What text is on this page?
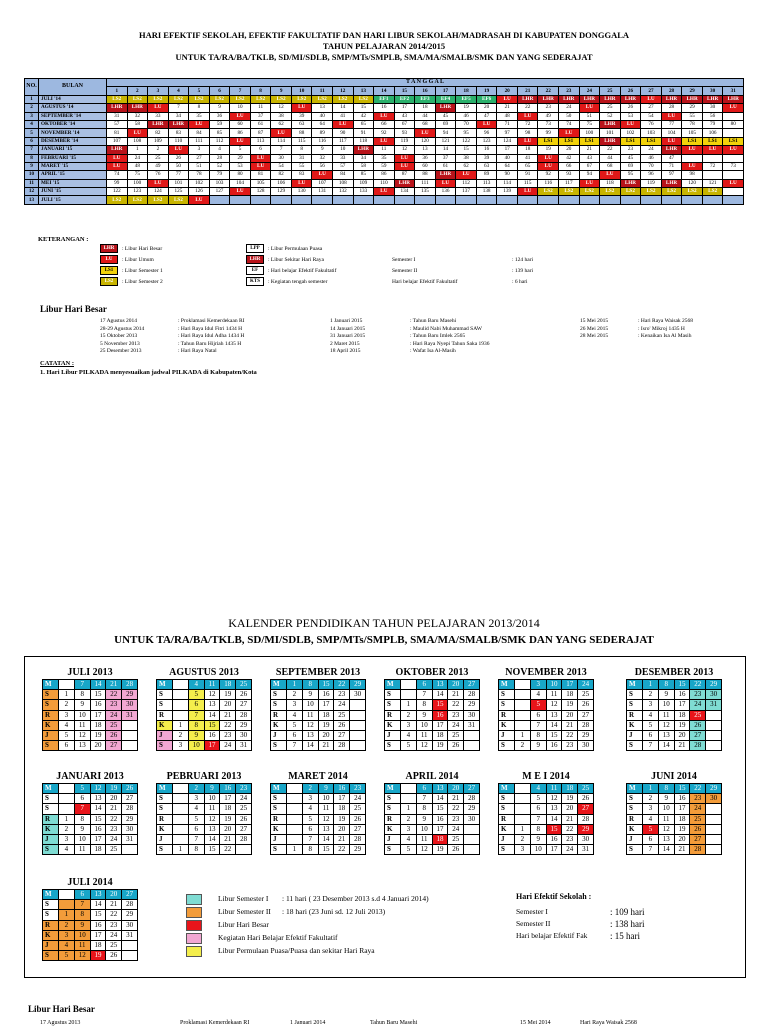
HARI EFEKTIF SEKOLAH, EFEKTIF FAKULTATIF DAN HARI LIBUR SEKOLAH/MADRASAH DI KABUPATEN DONGGALA
TAHUN PELAJARAN 2014/2015
UNTUK TA/RA/BA/TKLB, SD/MI/SDLB, SMP/MTs/SMPLB, SMA/MA/SMALB/SMK DAN YANG SEDERAJAT
NO.	BULAN	T A N G G A L																														
		1	2	3	4	5	6	7	8	9	10	11	12	13	14	15	16	17	18	19	20	21	22	23	24	25	26	27	28	29	30	31
1	JULI '14	LS2	LS2	LS2	LS2	LS2	LS2	LS2	LS2	LS2	LS2	LS2	LS2	LS2	EF1	EF2	EF3	EF4	EF5	EF6	LU	LHR	LHR	LHR	LHR	LHR	LHR	LU	LHR	LHR	LHR	LHR
2	AGUSTUS '14	LHR	LHR	LU	7	8	9	10	11	12	LU	13	14	15	16	17	18	LHR	19	20	21	22	23	24	LU	25	26	27	28	29	30	LU
3	SEPTEMBER '14	31	32	33	34	35	36	LU	37	38	39	40	41	42	LU	43	44	45	46	47	48	LU	49	50	51	52	53	54	LU	55	56	
4	OKTOBER '14	57	58	LHR	LHR	LU	59	60	61	62	63	64	LU	65	66	67	68	69	70	LU	71	72	73	74	75	LHR	LU	76	77	78	79	80
5	NOVEMBER '14	81	LU	82	83	84	85	86	87	LU	88	89	90	91	92	93	LU	94	95	96	97	98	99	LU	100	101	102	103	104	105	106	
6	DESEMBER '14	107	108	109	110	111	112	LU	113	114	115	116	117	118	LU	119	120	121	122	123	124	LU	LS1	LS1	LS1	LHR	LS1	LS1	LU	LS1	LS1	LS1
7	JANUARI '15	LHR	1	2	LU	3	4	5	6	7	8	9	10	LHR	11	12	13	14	15	16	17	18	19	20	21	22	23	24	LHR	LU	LU	LU
8	FEBRUARI '15	LU	24	25	26	27	28	29	LU	30	31	32	33	34	35	LU	36	37	38	39	40	41	LU	42	43	44	45	46	47			
9	MARET '15	LU	48	49	50	51	52	53	LU	54	55	56	57	58	59	LU	60	61	62	63	64	65	LU	66	67	68	69	70	71	LU	72	73
10	APRIL '15	74	75	76	77	78	79	80	81	82	83	LU	84	85	86	87	88	LHR	LU	89	90	91	92	93	94	LU	95	96	97	98		
11	MEI '15	99	100	LU	101	102	103	104	105	106	LU	107	108	109	110	LHR	111	LU	112	113	114	115	116	117	LU	118	LHR	119	LHR	120	121	LU
12	JUNI '15	122	123	124	125	126	127	LU	128	129	130	131	132	133	LU	134	135	136	137	138	139	LU	LS2	LS2	LS2	LS2	LS2	LS2	LS2	LS2	LS2	
13	JULI '15	LS2	LS2	LS2	LS2	LU																										
KETERANGAN :
LHR : Libur Hari Besar
LU : Libur Umum
LS1 : Libur Semester 1
LS2 : Libur Semester 2
LPP : Libur Permulaan Puasa
LHR : Libur Sekitar Hari Raya
EF : Hari belajar Efektif Fakultatif
KTS : Kegiatan tengah semester
Semester I	: 124 hari
Semester II	: 139 hari
Hari belajar Efektif Fakultatif	: 6 hari
Libur Hari Besar
17 Agustus 2014	: Proklamasi Kemerdekaan RI
28-29 Agustus 2014	: Hari Raya Idul Fitri 1434 H
15 Oktober 2013	: Hari Raya Idul Adha 1434 H
5 November 2013	: Tahun Baru Hijriah 1435 H
25 Desember 2013	: Hari Raya Natal
1 Januari 2015	: Tahun Baru Masehi
14 Januari 2015	: Maulid Nabi Muhammad SAW
31 Januari 2015	: Tahun Baru Imlek 2565
2 Maret 2015	: Hari Raya Nyepi Tahun Saka 1936
18 April 2015	: Wafat Isa Al-Masih
15 Mei 2015	: Hari Raya Waisak 2568
26 Mei 2015	: Isro' Mikroj 1435 H
28 Mei 2015	: Kenaikan Isa Al Masih
CATATAN :
1. Hari Libur PILKADA menyesuaikan jadwal PILKADA di Kabupaten/Kota
KALENDER PENDIDIKAN TAHUN PELAJARAN 2013/2014
UNTUK TA/RA/BA/TKLB, SD/MI/SDLB, SMP/MTs/SMPLB, SMA/MA/SMALB/SMK DAN YANG SEDERAJAT
JULI 2013
M		7	14	21	28
S	1	8	15	22	29
S	2	9	16	23	30
R	3	10	17	24	31
K	4	11	18	25	
J	5	12	19	26	
S	6	13	20	27	
AGUSTUS 2013
M		4	11	18	25
S		5	12	19	26
S		6	13	20	27
R		7	14	21	28
K	1	8	15	22	29
J	2	9	16	23	30
S	3	10	17	24	31
SEPTEMBER 2013
M	1	8	15	22	29
S	2	9	16	23	30
S	3	10	17	24	
R	4	11	18	25	
K	5	12	19	26	
J	6	13	20	27	
S	7	14	21	28	
OKTOBER 2013
M		6	13	20	27
S		7	14	21	28
S	1	8	15	22	29
R	2	9	16	23	30
K	3	10	17	24	31
J	4	11	18	25	
S	5	12	19	26	
NOVEMBER 2013
M		3	10	17	24
S		4	11	18	25
S		5	12	19	26
R		6	13	20	27
K		7	14	21	28
J	1	8	15	22	29
S	2	9	16	23	30
DESEMBER 2013
M	1	8	15	22	29
S	2	9	16	23	30
S	3	10	17	24	31
R	4	11	18	25	
K	5	12	19	26	
J	6	13	20	27	
S	7	14	21	28	
JANUARI 2013
M		5	12	19	26
S		6	13	20	27
S		7	14	21	28
R	1	8	15	22	29
K	2	9	16	23	30
J	3	10	17	24	31
S	4	11	18	25	
PEBRUARI 2013
M		2	9	16	23
S		3	10	17	24
S		4	11	18	25
R		5	12	19	26
K		6	13	20	27
J		7	14	21	28
S	1	8	15	22	
MARET 2014
M		2	9	16	23
S		3	10	17	24
S		4	11	18	25
R		5	12	19	26
K		6	13	20	27
J		7	14	21	28
S	1	8	15	22	29
APRIL 2014
M		6	13	20	27
S		7	14	21	28
S	1	8	15	22	29
R	2	9	16	23	30
K	3	10	17	24	
J	4	11	18	25	
S	5	12	19	26	
M E I 2014
M		4	11	18	25
S		5	12	19	26
S		6	13	20	27
R		7	14	21	28
K	1	8	15	22	29
J	2	9	16	23	30
S	3	10	17	24	31
JUNI 2014
M	1	8	15	22	29
S	2	9	16	23	30
S	3	10	17	24	
R	4	11	18	25	
K	5	12	19	26	
J	6	13	20	27	
S	7	14	21	28	
JULI 2014
M		6	13	20	27
S		7	14	21	28
S	1	8	15	22	29
R	2	9	16	23	30
K	3	10	17	24	31
J	4	11	18	25	
S	5	12	19	26	
Libur Semester I : 11 hari ( 23 Desember 2013 s.d 4 Januari 2014)
Libur Semester II : 18 hari (23 Juni sd. 12 Juli 2013)
Libur Hari Besar
Kegiatan Hari Belajar Efektif Fakultatif
Libur Permulaan Puasa/Puasa dan sekitar Hari Raya
Hari Efektif Sekolah :
Semester I	: 109 hari
Semester II	: 138 hari
Hari belajar Efektif Fak	: 15 hari
Libur Hari Besar
17 Agustus 2013	Proklamasi Kemerdekaan RI	1 Januari 2014	Tahun Baru Masehi	15 Mei 2014	Hari Raya Waisak 2568
